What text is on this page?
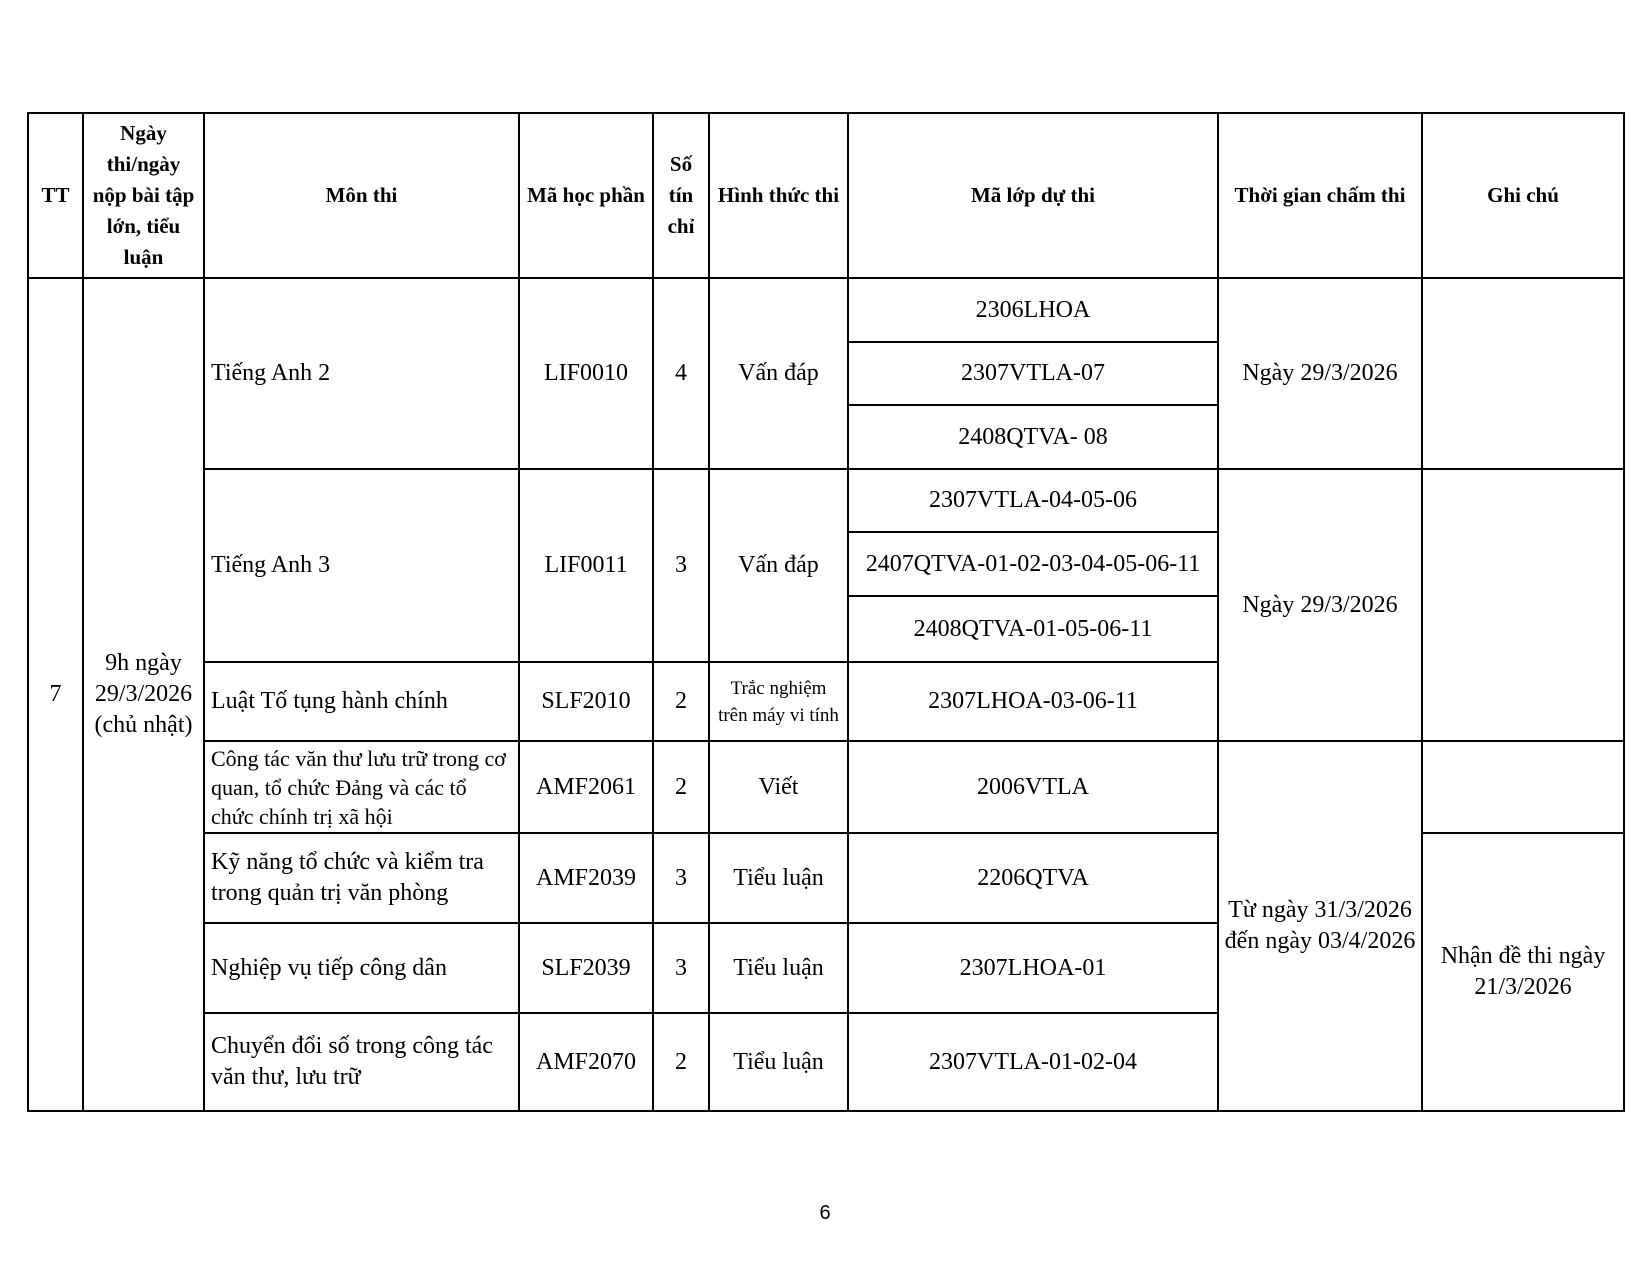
TT	Ngày thi/ngày nộp bài tập lớn, tiểu luận	Môn thi	Mã học phần	Số tín chỉ	Hình thức thi	Mã lớp dự thi	Thời gian chấm thi	Ghi chú
7	9h ngày 29/3/2026 (chủ nhật)	Tiếng Anh 2	LIF0010	4	Vấn đáp	2306LHOA	Ngày 29/3/2026	
						2307VTLA-07		
						2408QTVA- 08		
		Tiếng Anh 3	LIF0011	3	Vấn đáp	2307VTLA-04-05-06	Ngày 29/3/2026	
						2407QTVA-01-02-03-04-05-06-11		
						2408QTVA-01-05-06-11		
		Luật Tố tụng hành chính	SLF2010	2	Trắc nghiệm trên máy vi tính	2307LHOA-03-06-11		
		Công tác văn thư lưu trữ trong cơ quan, tổ chức Đảng và các tổ chức chính trị xã hội	AMF2061	2	Viết	2006VTLA	Từ ngày 31/3/2026 đến ngày 03/4/2026	
		Kỹ năng tổ chức và kiểm tra trong quản trị văn phòng	AMF2039	3	Tiểu luận	2206QTVA		Nhận đề thi ngày 21/3/2026
		Nghiệp vụ tiếp công dân	SLF2039	3	Tiểu luận	2307LHOA-01		
		Chuyển đổi số trong công tác văn thư, lưu trữ	AMF2070	2	Tiểu luận	2307VTLA-01-02-04		
6
